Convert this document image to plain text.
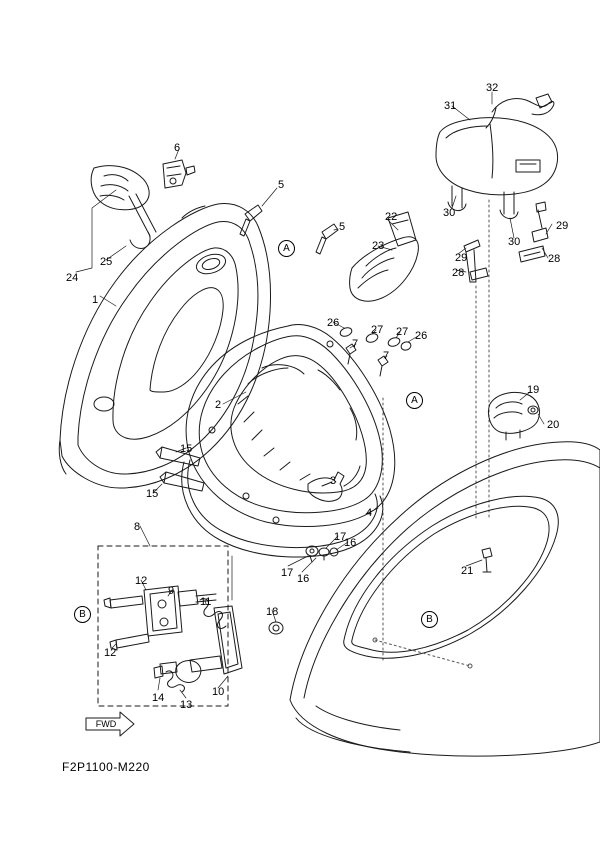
32
31
6
30
5
29
22
5
30
23
29	28
28
25
24
1
26
27 27 26
7
7
19
20
2
15
3
15
4
8
17
16
17 16
21
12
9
11
18
12
10
14
13
A
A
B	B
FWD
F2P1100-M220
